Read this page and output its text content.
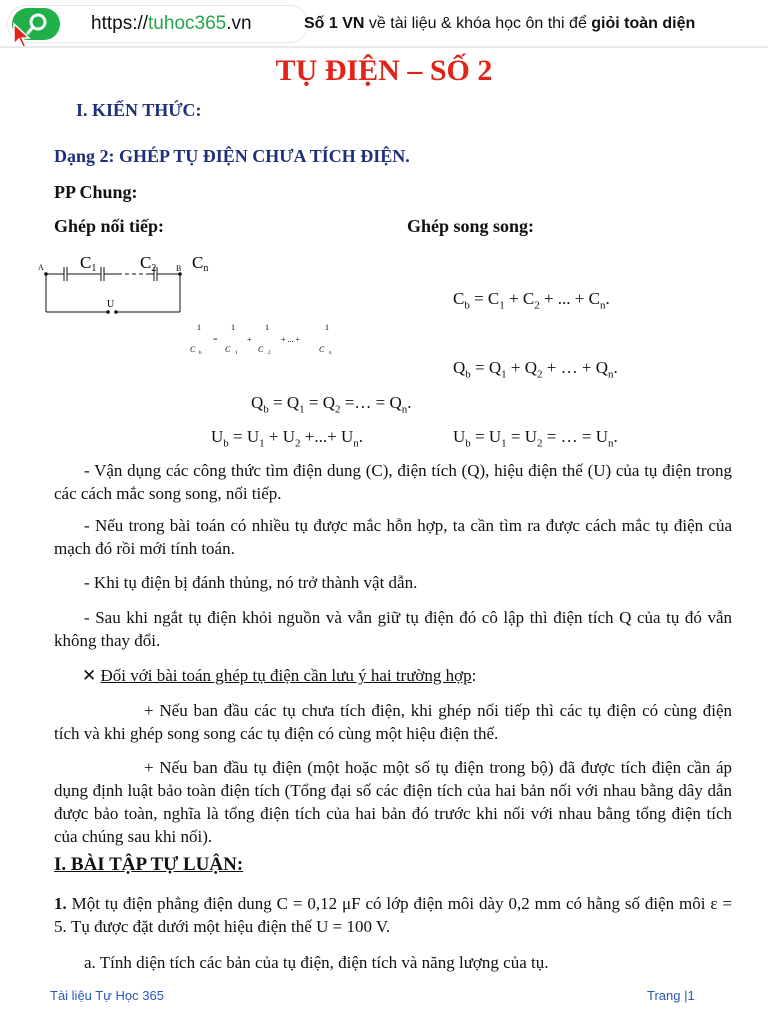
https://tuhoc365.vn	Số 1 VN về tài liệu & khóa học ôn thi để giỏi toàn diện
TỤ ĐIỆN – SỐ 2
I. KIẾN THỨC:
Dạng 2: GHÉP TỤ ĐIỆN CHƯA TÍCH ĐIỆN.
PP Chung:
Ghép nối tiếp:	Ghép song song:
A	B
U
C1	C2 Cn
$C_b = C_1 + C_2$ + ... + $C_n$.
1
C b
=
1
C 1
+
1
C 2
+ ... +
1
C n
$Q_b = Q_1 + Q_2$ + … + $Q_n$.
$Q_b = Q_1 = Q_2$ =… = $Q_n$.
$U_b = U_1 + U_2$ +...+ $U_n$.	$U_b = U_1 = U_2$ = … = $U_n$.
- Vận dụng các công thức tìm điện dung (C), điện tích (Q), hiệu điện thế (U) của tụ điện trong các cách mắc song song, nối tiếp.
- Nếu trong bài toán có nhiều tụ được mắc hỗn hợp, ta cần tìm ra được cách mắc tụ điện của mạch đó rồi mới tính toán.
- Khi tụ điện bị đánh thủng, nó trở thành vật dẫn.
- Sau khi ngắt tụ điện khỏi nguồn và vẫn giữ tụ điện đó cô lập thì điện tích Q của tụ đó vẫn không thay đổi.
✕ Đối với bài toán ghép tụ điện cần lưu ý hai trường hợp:
+ Nếu ban đầu các tụ chưa tích điện, khi ghép nối tiếp thì các tụ điện có cùng điện tích và khi ghép song song các tụ điện có cùng một hiệu điện thế.
+ Nếu ban đầu tụ điện (một hoặc một số tụ điện trong bộ) đã được tích điện cần áp dụng định luật bảo toàn điện tích (Tổng đại số các điện tích của hai bản nối với nhau bằng dây dẫn được bảo toàn, nghĩa là tổng điện tích của hai bản đó trước khi nối với nhau bằng tổng điện tích của chúng sau khi nối).
I. BÀI TẬP TỰ LUẬN:
1. Một tụ điện phẳng điện dung C = 0,12 μF có lớp điện môi dày 0,2 mm có hằng số điện môi ε = 5. Tụ được đặt dưới một hiệu điện thế U = 100 V.
a. Tính diện tích các bản của tụ điện, điện tích và năng lượng của tụ.
Tài liệu Tự Học 365	Trang |1
